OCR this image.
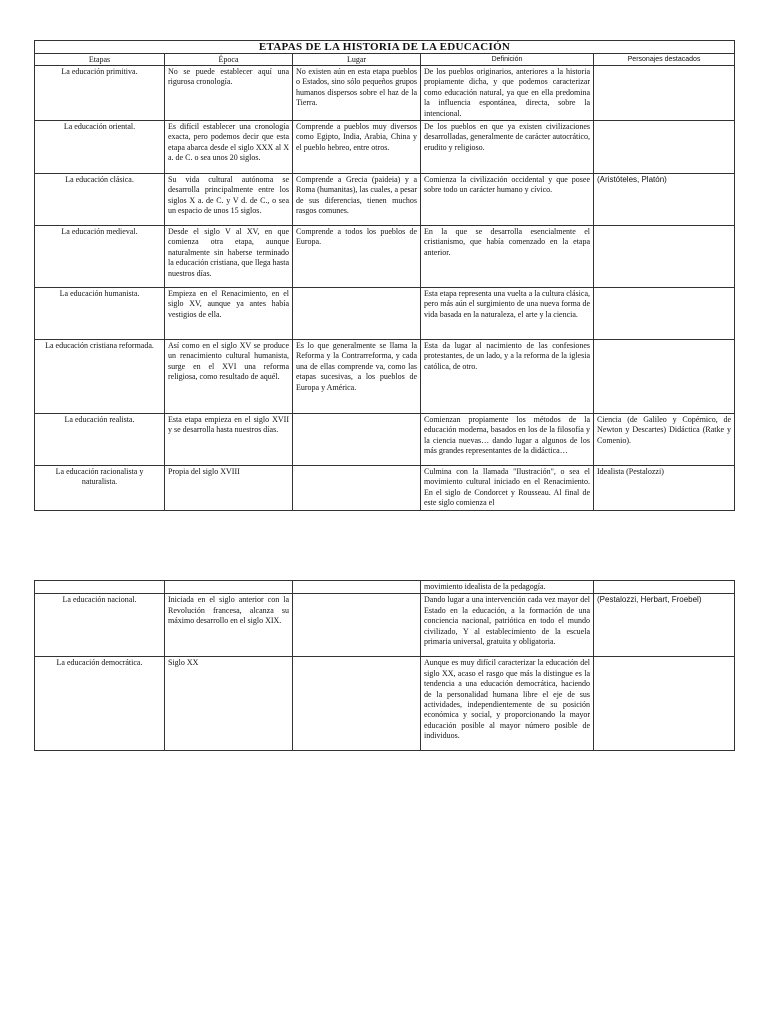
ETAPAS DE LA HISTORIA DE LA EDUCACIÓN				
Etapas	Época	Lugar	Definición	Personajes destacados
La educación primitiva.	No se puede establecer aquí una rigurosa cronología.	No existen aún en esta etapa pueblos o Estados, sino sólo pequeños grupos humanos dispersos sobre el haz de la Tierra.	De los pueblos originarios, anteriores a la historia propiamente dicha, y que podemos caracterizar como educación natural, ya que en ella predomina la influencia espontánea, directa, sobre la intencional.	
La educación oriental.	Es difícil establecer una cronología exacta, pero podemos decir que esta etapa abarca desde el siglo XXX al X a. de C. o sea unos 20 siglos.	Comprende a pueblos muy diversos como Egipto, India, Arabia, China y el pueblo hebreo, entre otros.	De los pueblos en que ya existen civilizaciones desarrolladas, generalmente de carácter autocrático, erudito y religioso.	
La educación clásica.	Su vida cultural autónoma se desarrolla principalmente entre los siglos X a. de C. y V d. de C., o sea un espacio de unos 15 siglos.	Comprende a Grecia (paideia) y a Roma (humanitas), las cuales, a pesar de sus diferencias, tienen muchos rasgos comunes.	Comienza la civilización occidental y que posee sobre todo un carácter humano y cívico.	(Aristóteles, Platón)
La educación medieval.	Desde el siglo V al XV, en que comienza otra etapa, aunque naturalmente sin haberse terminado la educación cristiana, que llega hasta nuestros días.	Comprende a todos los pueblos de Europa.	En la que se desarrolla esencialmente el cristianismo, que había comenzado en la etapa anterior.	
La educación humanista.	Empieza en el Renacimiento, en el siglo XV, aunque ya antes había vestigios de ella.		Esta etapa representa una vuelta a la cultura clásica, pero más aún el surgimiento de una nueva forma de vida basada en la naturaleza, el arte y la ciencia.	
La educación cristiana reformada.	Así como en el siglo XV se produce un renacimiento cultural humanista, surge en el XVI una reforma religiosa, como resultado de aquél.	Es lo que generalmente se llama la Reforma y la Contrarreforma, y cada una de ellas comprende va, como las etapas sucesivas, a los pueblos de Europa y América.	Esta da lugar al nacimiento de las confesiones protestantes, de un lado, y a la reforma de la iglesia católica, de otro.	
La educación realista.	Esta etapa empieza en el siglo XVII y se desarrolla hasta nuestros días.		Comienzan propiamente los métodos de la educación moderna, basados en los de la filosofía y la ciencia nuevas… dando lugar a algunos de los más grandes representantes de la didáctica…	Ciencia (de Galileo y Copérnico, de Newton y Descartes) Didáctica (Ratke y Comenio).
La educación racionalista y naturalista.	Propia del siglo XVIII		Culmina con la llamada "Ilustración", o sea el movimiento cultural iniciado en el Renacimiento. En el siglo de Condorcet y Rousseau. Al final de este siglo comienza el	Idealista (Pestalozzi)
			movimiento idealista de la pedagogía.	
La educación nacional.	Iniciada en el siglo anterior con la Revolución francesa, alcanza su máximo desarrollo en el siglo XIX.		Dando lugar a una intervención cada vez mayor del Estado en la educación, a la formación de una conciencia nacional, patriótica en todo el mundo civilizado, Y al establecimiento de la escuela primaria universal, gratuita y obligatoria.	(Pestalozzi, Herbart, Froebel)
La educación democrática.	Siglo XX		Aunque es muy difícil caracterizar la educación del siglo XX, acaso el rasgo que más la distingue es la tendencia a una educación democrática, haciendo de la personalidad humana libre el eje de sus actividades, independientemente de su posición económica y social, y proporcionando la mayor educación posible al mayor número posible de individuos.	
